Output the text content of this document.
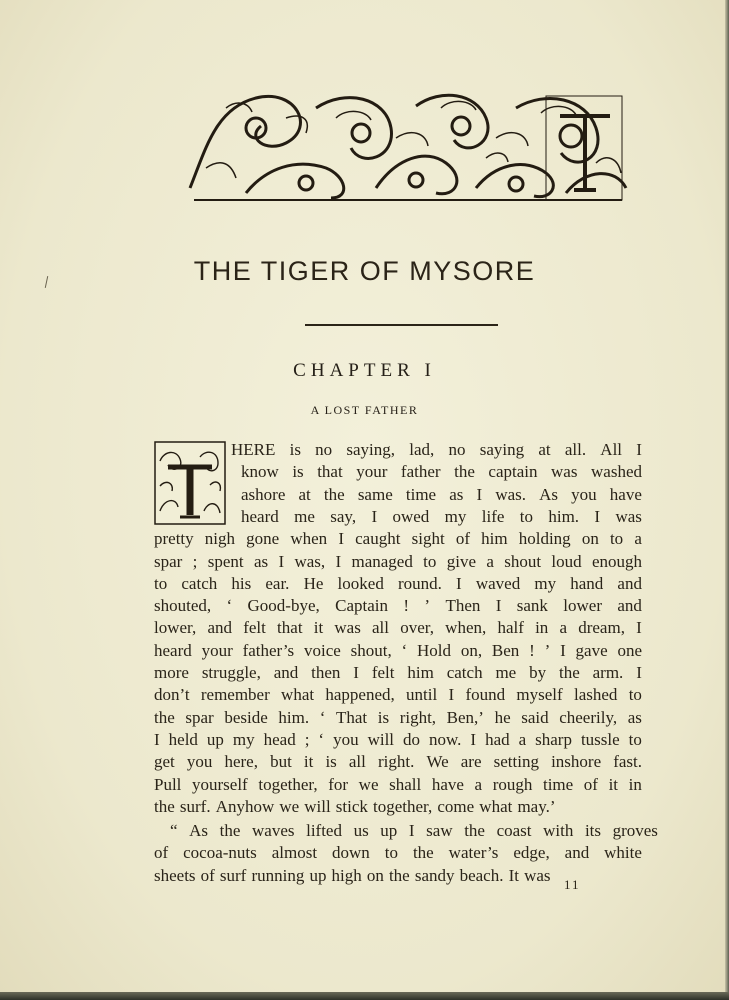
THE TIGER OF MYSORE
CHAPTER I
A LOST FATHER
HERE is no saying, lad, no saying at all. All I
know is that your father the captain was washed
ashore at the same time as I was. As you have
heard me say, I owed my life to him. I was
pretty nigh gone when I caught sight of him holding on to a
spar ; spent as I was, I managed to give a shout loud enough
to catch his ear. He looked round. I waved my hand and
shouted, ‘ Good-bye, Captain ! ’ Then I sank lower and
lower, and felt that it was all over, when, half in a dream, I
heard your father’s voice shout, ‘ Hold on, Ben ! ’ I gave one
more struggle, and then I felt him catch me by the arm. I
don’t remember what happened, until I found myself lashed to
the spar beside him. ‘ That is right, Ben,’ he said cheerily, as
I held up my head ; ‘ you will do now. I had a sharp tussle to
get you here, but it is all right. We are setting inshore fast.
Pull yourself together, for we shall have a rough time of it in
the surf. Anyhow we will stick together, come what may.’
“ As the waves lifted us up I saw the coast with its groves
of cocoa-nuts almost down to the water’s edge, and white
sheets of surf running up high on the sandy beach. It was 11
